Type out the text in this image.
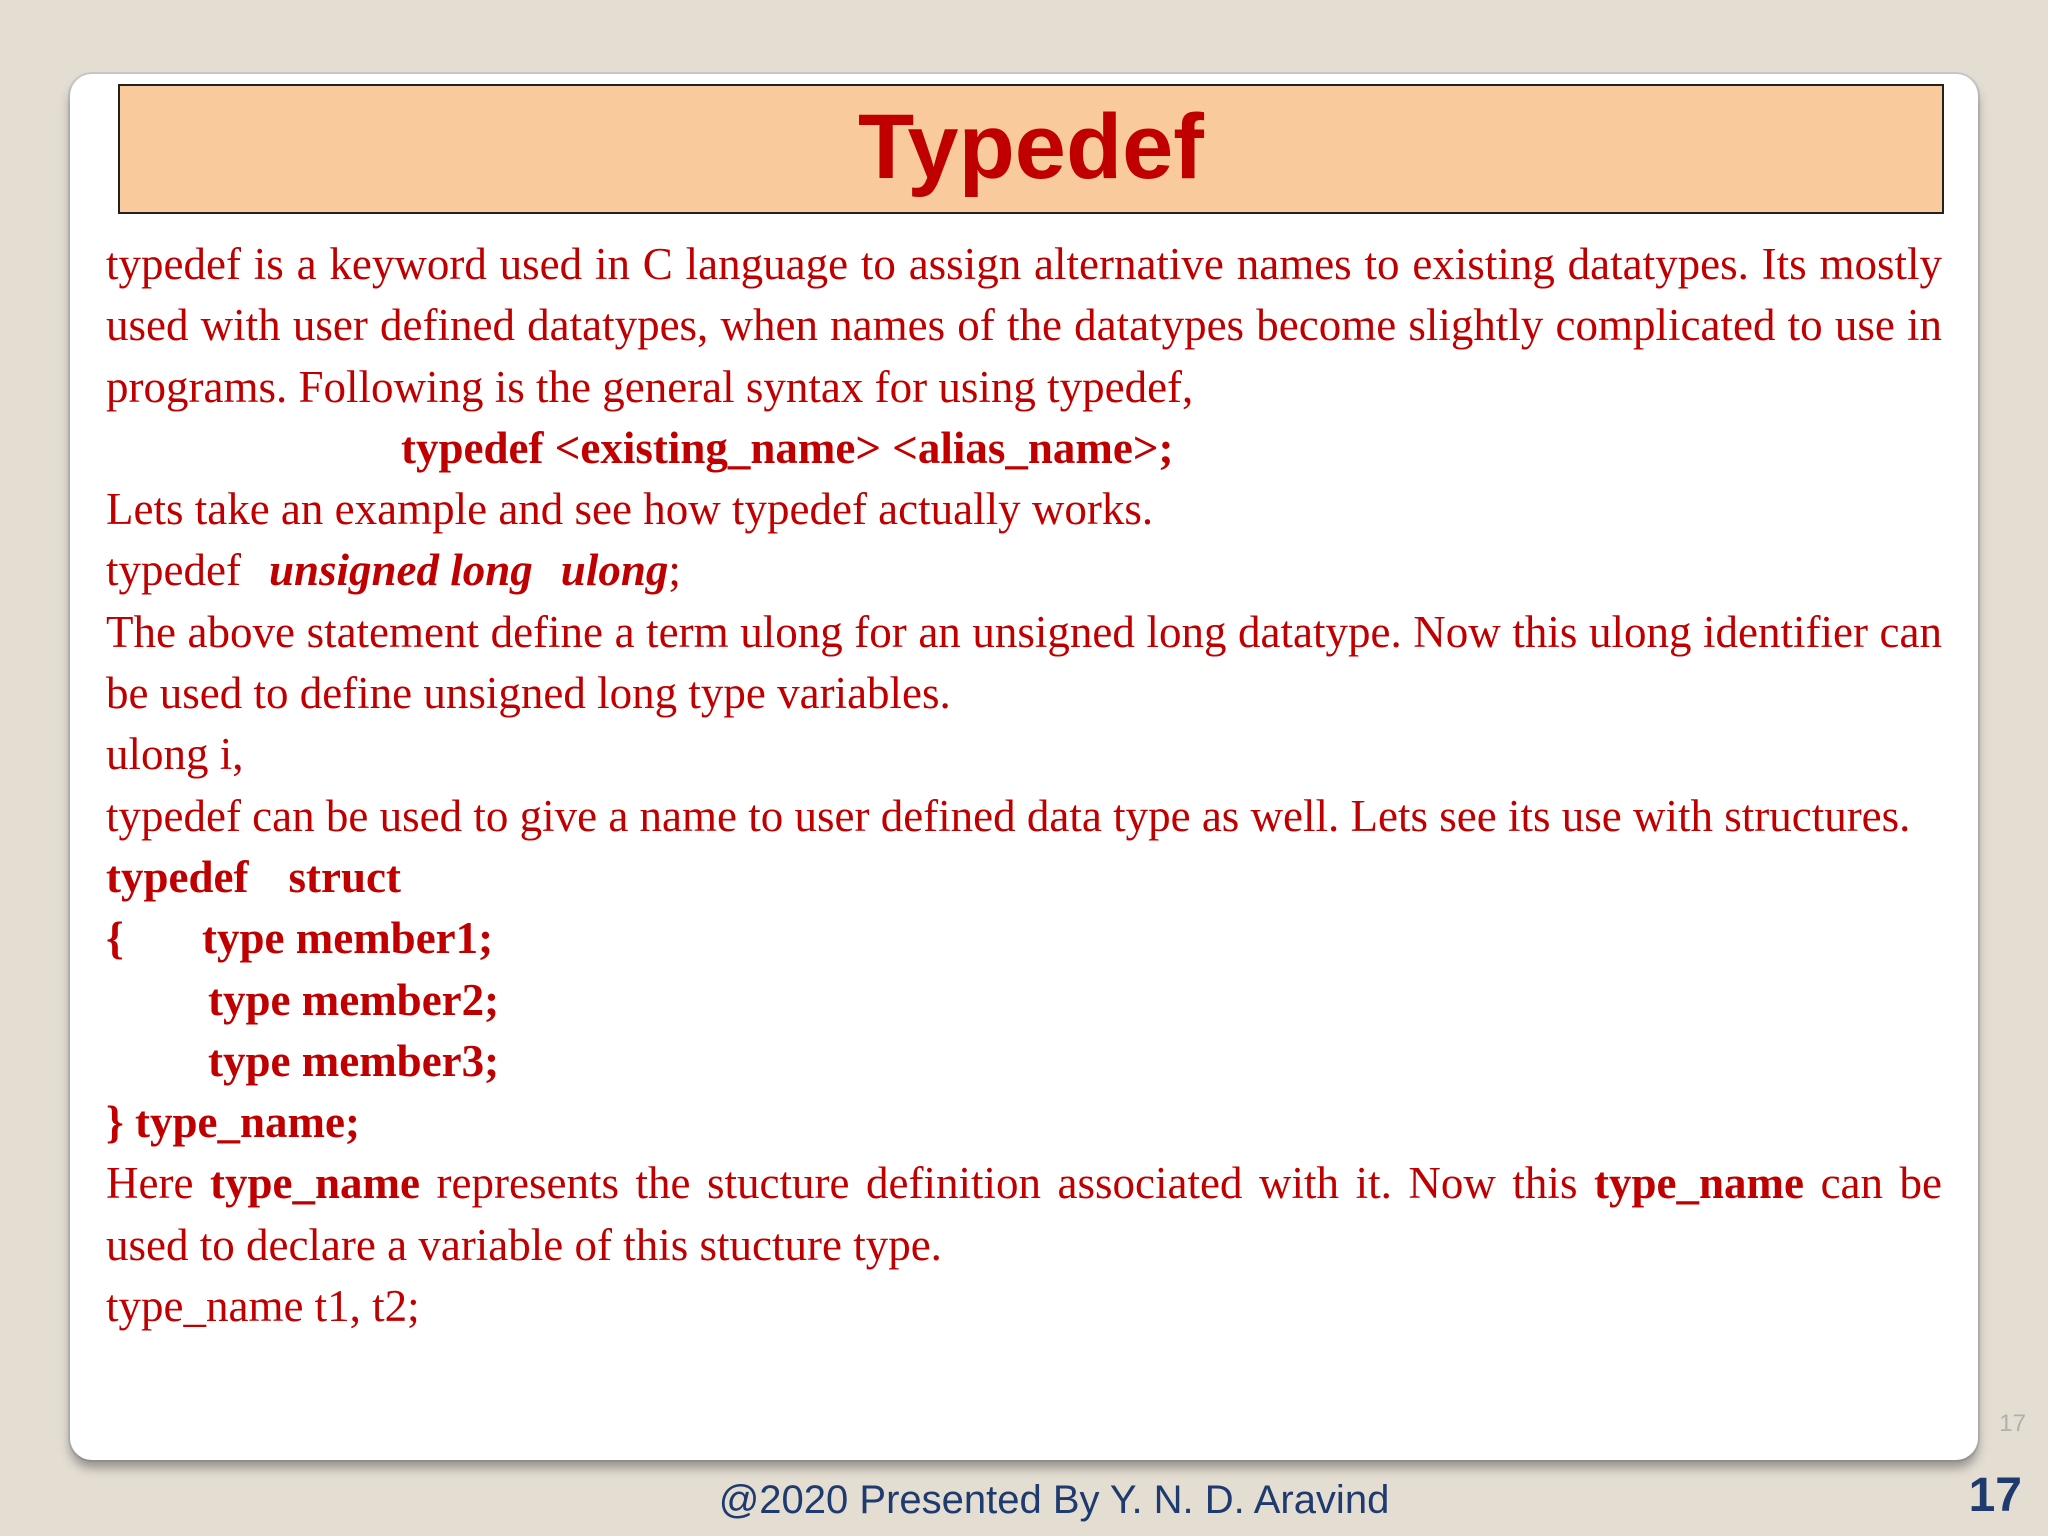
Typedef

typedef is a keyword used in C language to assign alternative names to existing datatypes. Its mostly used with user defined datatypes, when names of the datatypes become slightly complicated to use in programs. Following is the general syntax for using typedef,

typedef <existing_name> <alias_name>;

Lets take an example and see how typedef actually works.

typedef unsigned long ulong;

The above statement define a term ulong for an unsigned long datatype. Now this ulong identifier can be used to define unsigned long type variables.

ulong i,

typedef can be used to give a name to user defined data type as well. Lets see its use with structures.

typedef struct

{ type member1;

type member2;

type member3;

} type_name;

Here type_name represents the stucture definition associated with it. Now this type_name can be used to declare a variable of this stucture type.

type_name t1, t2;

17
@2020 Presented By Y. N. D. Aravind	17
